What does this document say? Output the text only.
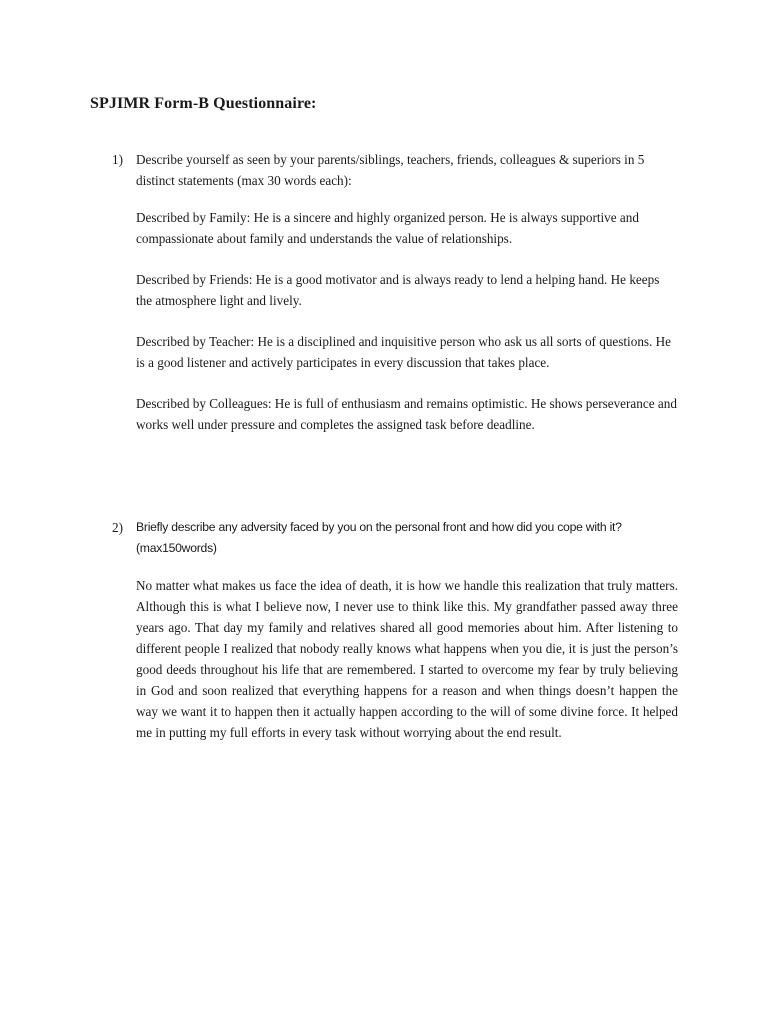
SPJIMR Form-B Questionnaire:
1) Describe yourself as seen by your parents/siblings, teachers, friends, colleagues & superiors in 5 distinct statements (max 30 words each):

Described by Family: He is a sincere and highly organized person. He is always supportive and compassionate about family and understands the value of relationships.

Described by Friends: He is a good motivator and is always ready to lend a helping hand. He keeps the atmosphere light and lively.

Described by Teacher: He is a disciplined and inquisitive person who ask us all sorts of questions. He is a good listener and actively participates in every discussion that takes place.

Described by Colleagues: He is full of enthusiasm and remains optimistic. He shows perseverance and works well under pressure and completes the assigned task before deadline.

2) Briefly describe any adversity faced by you on the personal front and how did you cope with it? (max150words)

No matter what makes us face the idea of death, it is how we handle this realization that truly matters. Although this is what I believe now, I never use to think like this. My grandfather passed away three years ago. That day my family and relatives shared all good memories about him. After listening to different people I realized that nobody really knows what happens when you die, it is just the person’s good deeds throughout his life that are remembered. I started to overcome my fear by truly believing in God and soon realized that everything happens for a reason and when things doesn’t happen the way we want it to happen then it actually happen according to the will of some divine force. It helped me in putting my full efforts in every task without worrying about the end result.
